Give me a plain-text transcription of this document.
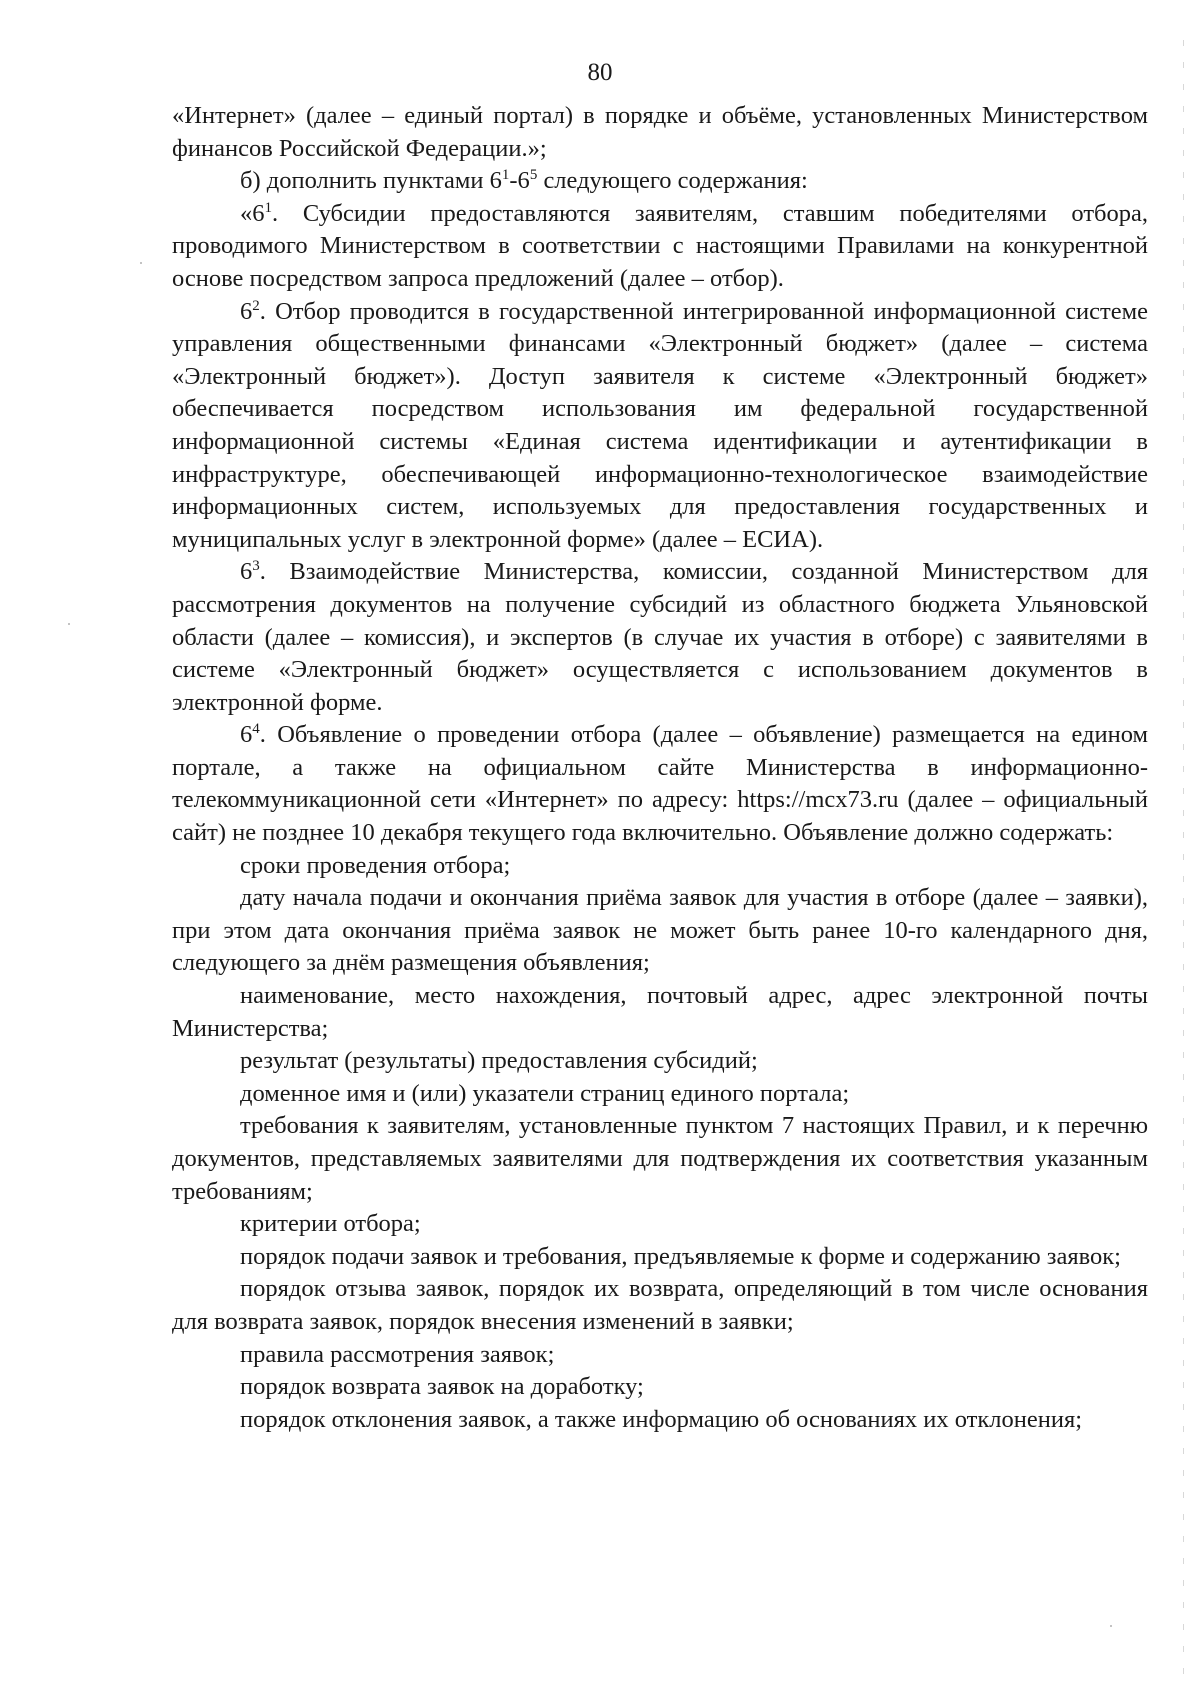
80

«Интернет» (далее – единый портал) в порядке и объёме, установленных Министерством финансов Российской Федерации.»;

б) дополнить пунктами $6^1-6^5$ следующего содержания:

«$6^1$. Субсидии предоставляются заявителям, ставшим победителями отбора, проводимого Министерством в соответствии с настоящими Правилами на конкурентной основе посредством запроса предложений (далее – отбор).

$6^2$. Отбор проводится в государственной интегрированной информационной системе управления общественными финансами «Электронный бюджет» (далее – система «Электронный бюджет»). Доступ заявителя к системе «Электронный бюджет» обеспечивается посредством использования им федеральной государственной информационной системы «Единая система идентификации и аутентификации в инфраструктуре, обеспечивающей информационно-технологическое взаимодействие информационных систем, используемых для предоставления государственных и муниципальных услуг в электронной форме» (далее – ЕСИА).

$6^3$. Взаимодействие Министерства, комиссии, созданной Министерством для рассмотрения документов на получение субсидий из областного бюджета Ульяновской области (далее – комиссия), и экспертов (в случае их участия в отборе) с заявителями в системе «Электронный бюджет» осуществляется с использованием документов в электронной форме.

$6^4$. Объявление о проведении отбора (далее – объявление) размещается на едином портале, а также на официальном сайте Министерства в информационно-телекоммуникационной сети «Интернет» по адресу: https://mcx73.ru (далее – официальный сайт) не позднее 10 декабря текущего года включительно. Объявление должно содержать:

сроки проведения отбора;

дату начала подачи и окончания приёма заявок для участия в отборе (далее – заявки), при этом дата окончания приёма заявок не может быть ранее 10-го календарного дня, следующего за днём размещения объявления;

наименование, место нахождения, почтовый адрес, адрес электронной почты Министерства;

результат (результаты) предоставления субсидий;

доменное имя и (или) указатели страниц единого портала;

требования к заявителям, установленные пунктом 7 настоящих Правил, и к перечню документов, представляемых заявителями для подтверждения их соответствия указанным требованиям;

критерии отбора;

порядок подачи заявок и требования, предъявляемые к форме и содержанию заявок;

порядок отзыва заявок, порядок их возврата, определяющий в том числе основания для возврата заявок, порядок внесения изменений в заявки;

правила рассмотрения заявок;

порядок возврата заявок на доработку;

порядок отклонения заявок, а также информацию об основаниях их отклонения;
